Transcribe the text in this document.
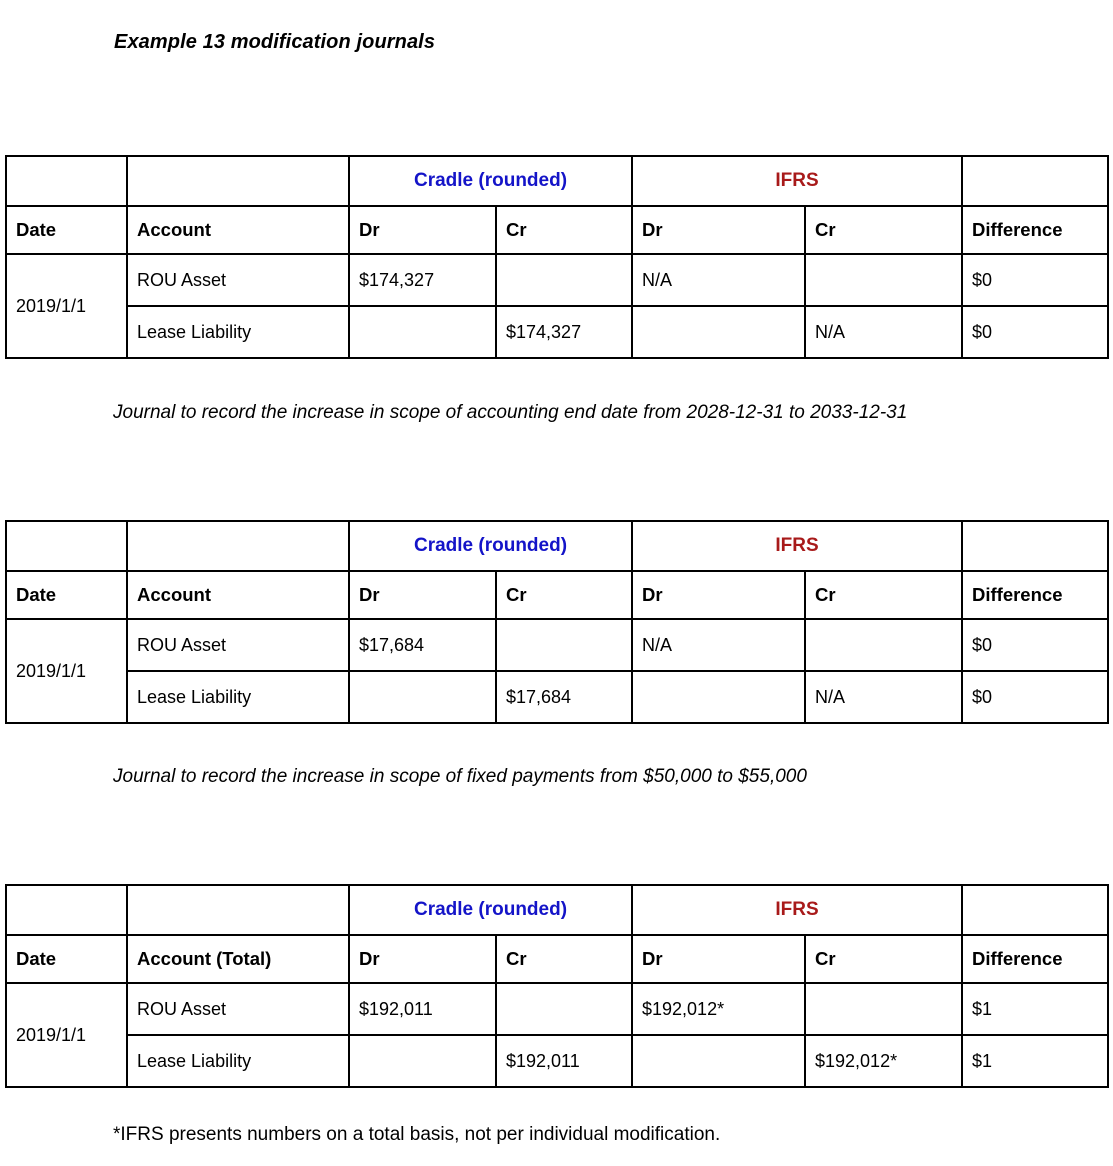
Example 13 modification journals
		Cradle (rounded)		IFRS		
Date	Account	Dr	Cr	Dr	Cr	Difference
2019/1/1	ROU Asset	$174,327		N/A		$0
	Lease Liability		$174,327		N/A	$0
Journal to record the increase in scope of accounting end date from 2028-12-31 to 2033-12-31
		Cradle (rounded)		IFRS		
Date	Account	Dr	Cr	Dr	Cr	Difference
2019/1/1	ROU Asset	$17,684		N/A		$0
	Lease Liability		$17,684		N/A	$0
Journal to record the increase in scope of fixed payments from $50,000 to $55,000
		Cradle (rounded)		IFRS		
Date	Account (Total)	Dr	Cr	Dr	Cr	Difference
2019/1/1	ROU Asset	$192,011		$192,012*		$1
	Lease Liability		$192,011		$192,012*	$1
*IFRS presents numbers on a total basis, not per individual modification.
